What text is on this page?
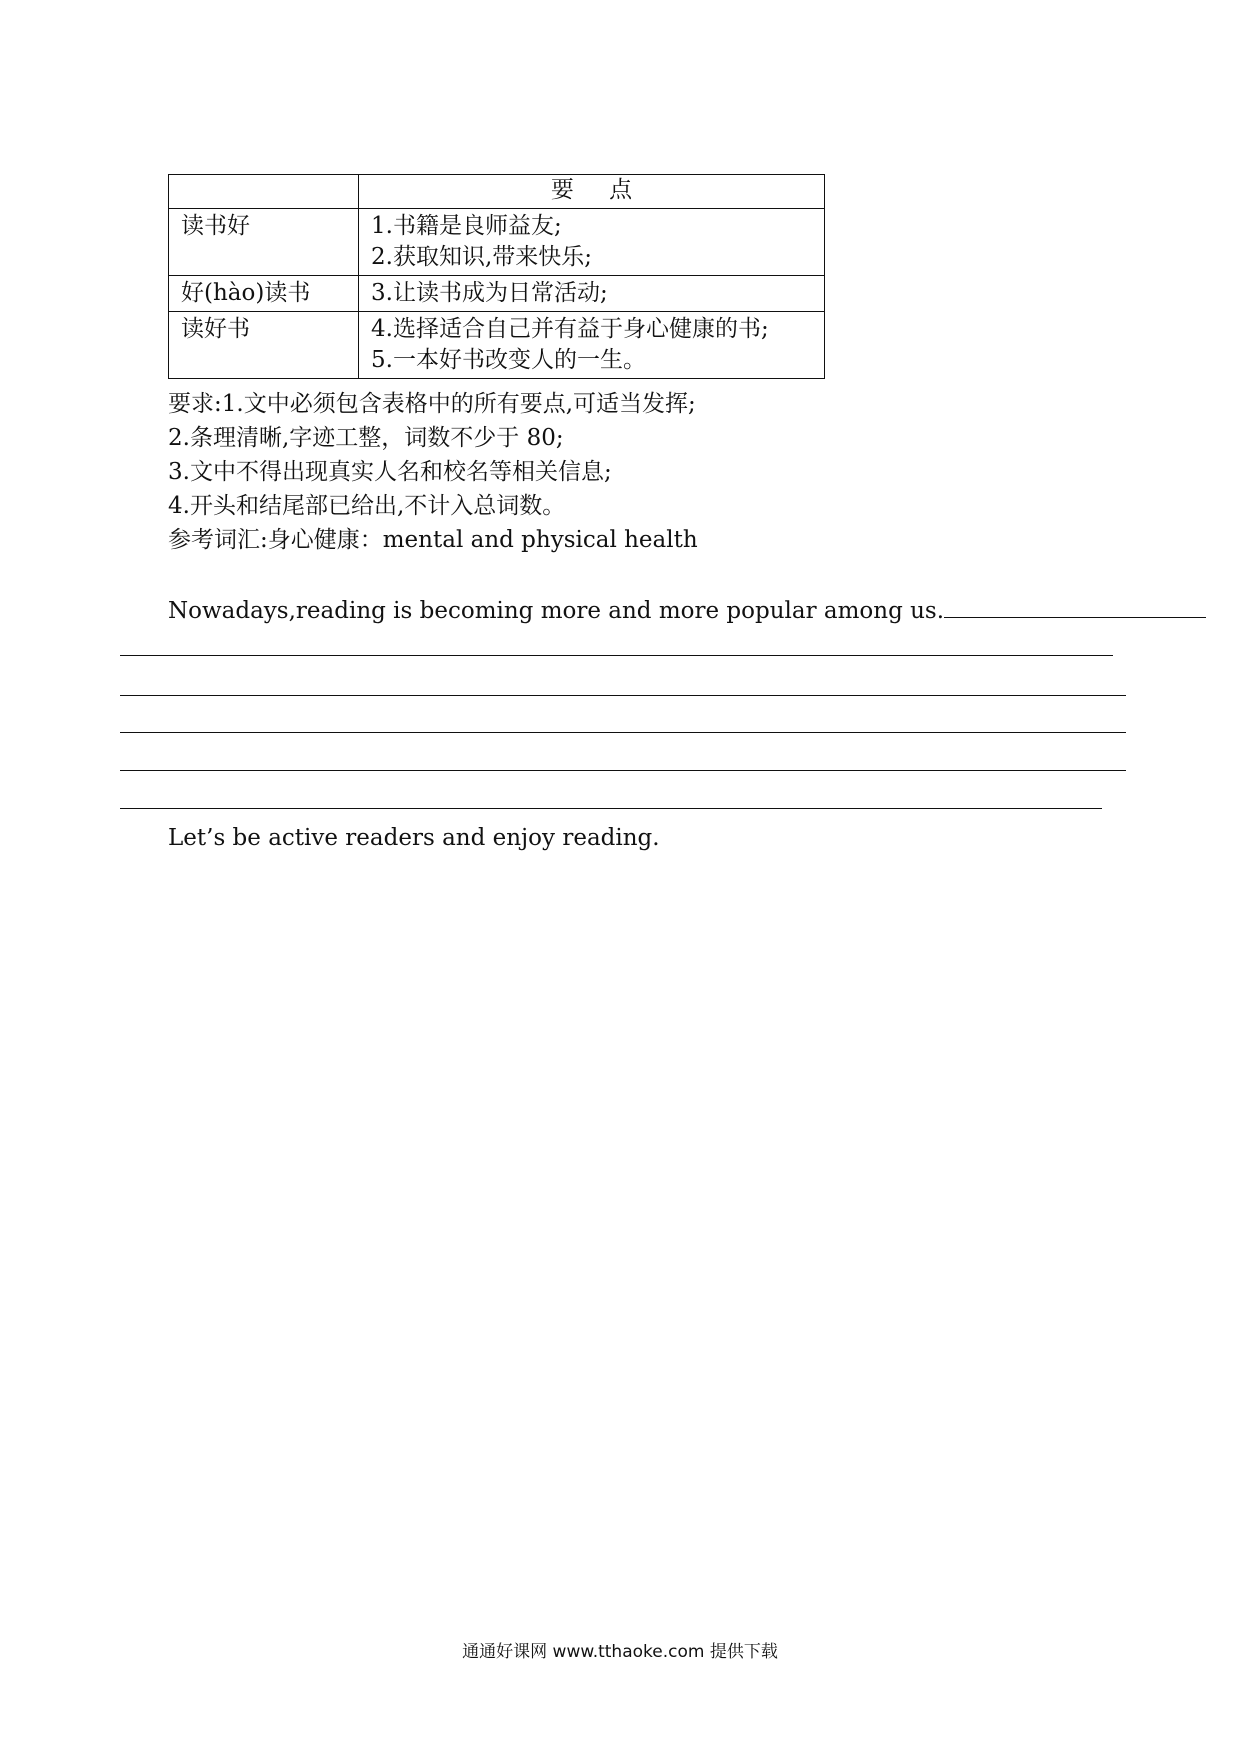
	要 点
读书好	1.书籍是良师益友;
2.获取知识,带来快乐;

好(hào)读书	3.让读书成为日常活动;

读好书	4.选择适合自己并有益于身心健康的书;
5.一本好书改变人的一生。
要求:1.文中必须包含表格中的所有要点,可适当发挥;
2.条理清晰,字迹工整，词数不少于 80;
3.文中不得出现真实人名和校名等相关信息;
4.开头和结尾部已给出,不计入总词数。
参考词汇:身心健康：mental and physical health
Nowadays,reading is becoming more and more popular among us.
Let’s be active readers and enjoy reading.
通通好课网 www.tthaoke.com 提供下载
